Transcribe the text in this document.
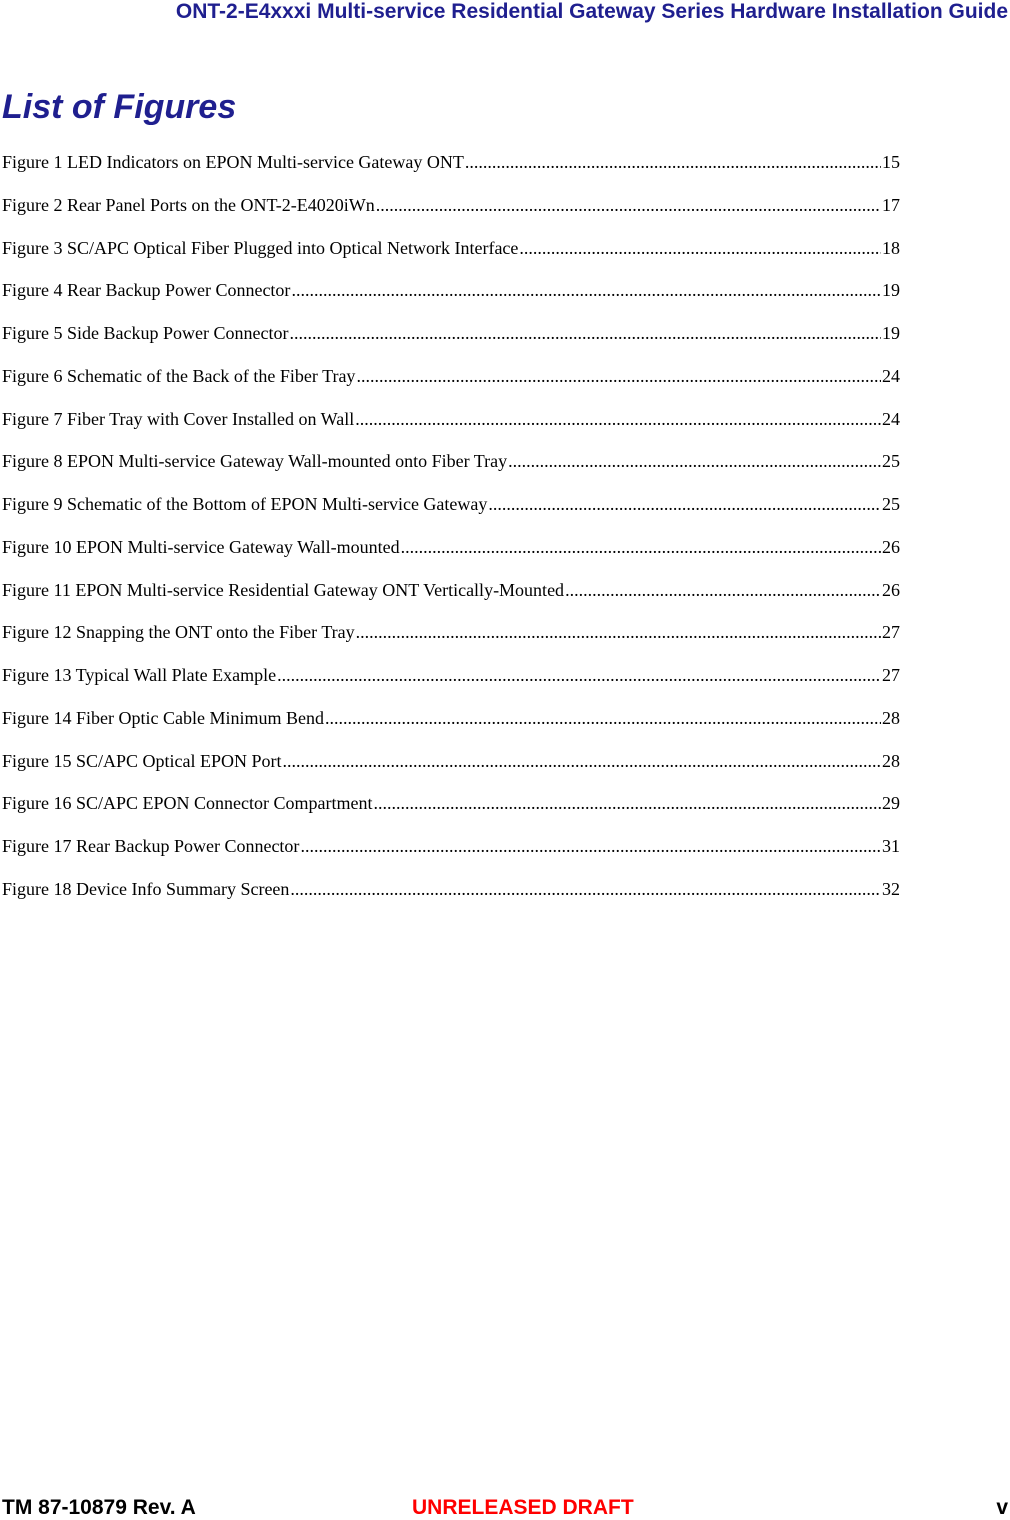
ONT-2-E4xxxi Multi-service Residential Gateway Series Hardware Installation Guide
List of Figures
Figure 1 LED Indicators on EPON Multi-service Gateway ONT .....	15
Figure 2 Rear Panel Ports on the ONT-2-E4020iWn .....	17
Figure 3 SC/APC Optical Fiber Plugged into Optical Network Interface .....	18
Figure 4 Rear Backup Power Connector .....	19
Figure 5 Side Backup Power Connector .....	19
Figure 6 Schematic of the Back of the Fiber Tray .....	24
Figure 7 Fiber Tray with Cover Installed on Wall .....	24
Figure 8 EPON Multi-service Gateway Wall-mounted onto Fiber Tray .....	25
Figure 9 Schematic of the Bottom of EPON Multi-service Gateway .....	25
Figure 10 EPON Multi-service Gateway Wall-mounted .....	26
Figure 11 EPON Multi-service Residential Gateway ONT Vertically-Mounted .....	26
Figure 12 Snapping the ONT onto the Fiber Tray .....	27
Figure 13 Typical Wall Plate Example .....	27
Figure 14 Fiber Optic Cable Minimum Bend .....	28
Figure 15 SC/APC Optical EPON Port .....	28
Figure 16 SC/APC EPON Connector Compartment .....	29
Figure 17 Rear Backup Power Connector .....	31
Figure 18 Device Info Summary Screen .....	32
TM 87-10879 Rev. A	UNRELEASED DRAFT	v
